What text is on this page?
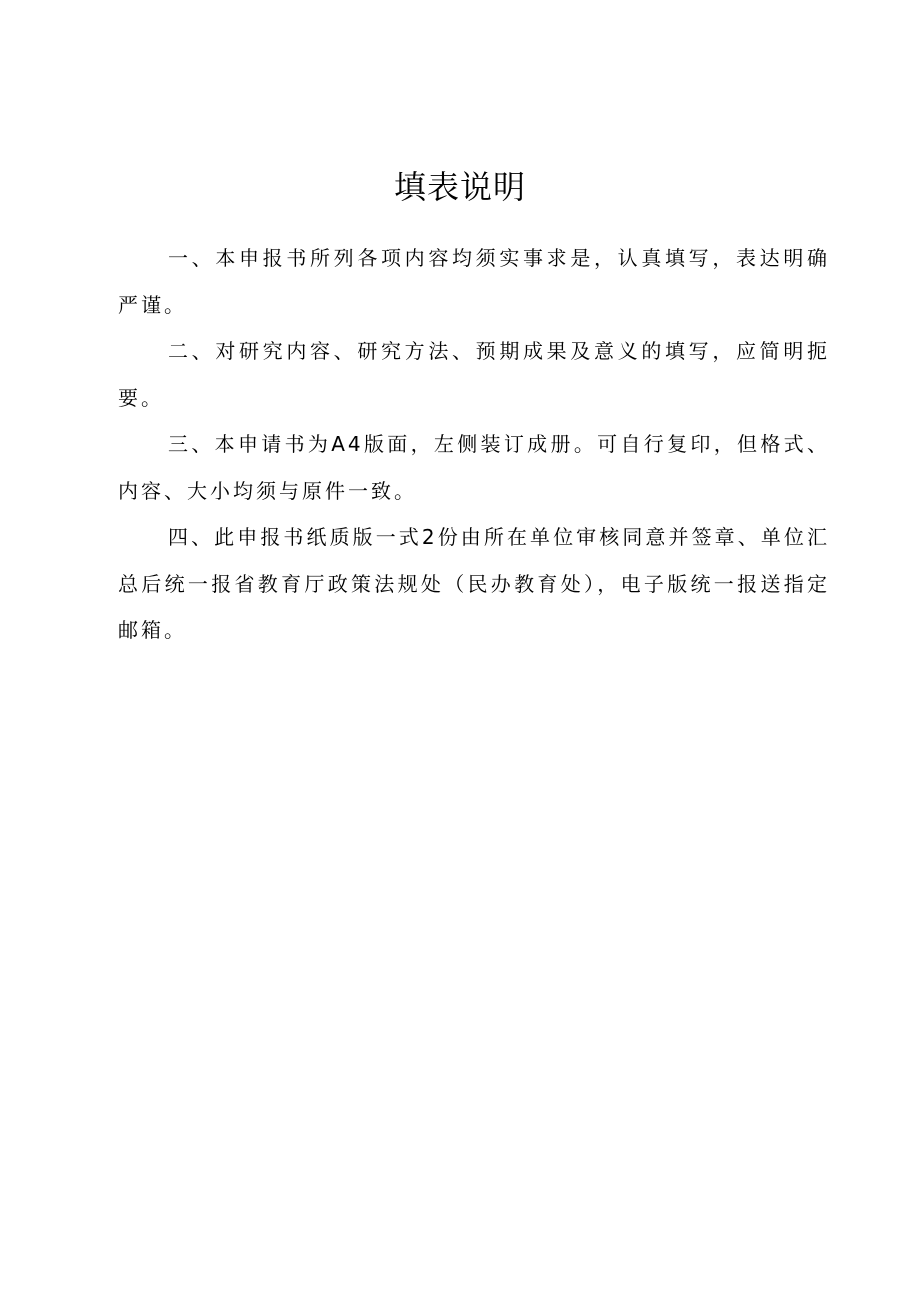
填表说明

一、本申报书所列各项内容均须实事求是，认真填写，表达明确严谨。

二、对研究内容、研究方法、预期成果及意义的填写，应简明扼要。

三、本申请书为A4版面，左侧装订成册。可自行复印，但格式、内容、大小均须与原件一致。

四、此申报书纸质版一式2份由所在单位审核同意并签章、单位汇总后统一报省教育厅政策法规处（民办教育处），电子版统一报送指定邮箱。
